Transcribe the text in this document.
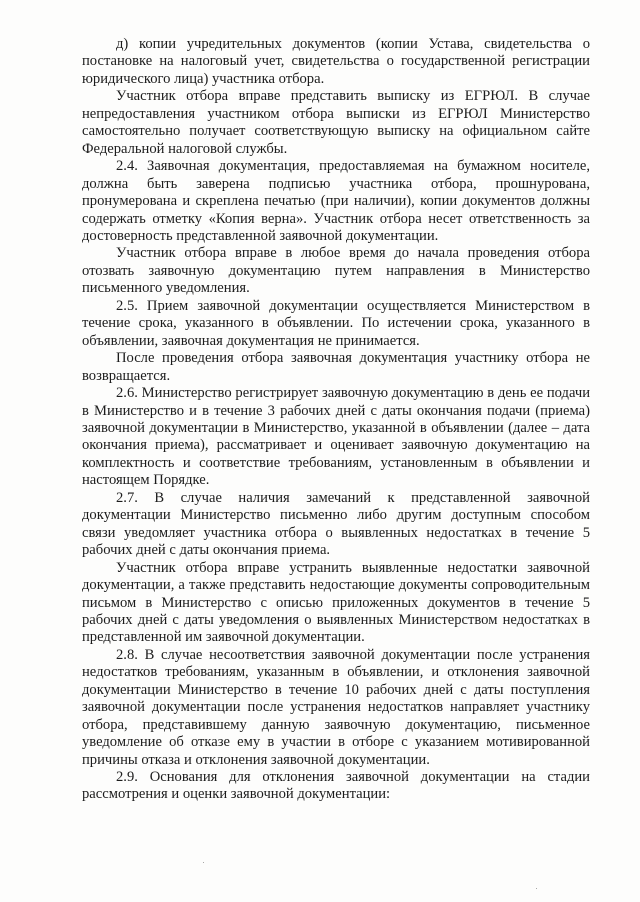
д) копии учредительных документов (копии Устава, свидетельства о постановке на налоговый учет, свидетельства о государственной регистрации юридического лица) участника отбора.

Участник отбора вправе представить выписку из ЕГРЮЛ. В случае непредоставления участником отбора выписки из ЕГРЮЛ Министерство самостоятельно получает соответствующую выписку на официальном сайте Федеральной налоговой службы.

2.4. Заявочная документация, предоставляемая на бумажном носителе, должна быть заверена подписью участника отбора, прошнурована, пронумерована и скреплена печатью (при наличии), копии документов должны содержать отметку «Копия верна». Участник отбора несет ответственность за достоверность представленной заявочной документации.

Участник отбора вправе в любое время до начала проведения отбора отозвать заявочную документацию путем направления в Министерство письменного уведомления.

2.5. Прием заявочной документации осуществляется Министерством в течение срока, указанного в объявлении. По истечении срока, указанного в объявлении, заявочная документация не принимается.

После проведения отбора заявочная документация участнику отбора не возвращается.

2.6. Министерство регистрирует заявочную документацию в день ее подачи в Министерство и в течение 3 рабочих дней с даты окончания подачи (приема) заявочной документации в Министерство, указанной в объявлении (далее – дата окончания приема), рассматривает и оценивает заявочную документацию на комплектность и соответствие требованиям, установленным в объявлении и настоящем Порядке.

2.7. В случае наличия замечаний к представленной заявочной документации Министерство письменно либо другим доступным способом связи уведомляет участника отбора о выявленных недостатках в течение 5 рабочих дней с даты окончания приема.

Участник отбора вправе устранить выявленные недостатки заявочной документации, а также представить недостающие документы сопроводительным письмом в Министерство с описью приложенных документов в течение 5 рабочих дней с даты уведомления о выявленных Министерством недостатках в представленной им заявочной документации.

2.8. В случае несоответствия заявочной документации после устранения недостатков требованиям, указанным в объявлении, и отклонения заявочной документации Министерство в течение 10 рабочих дней с даты поступления заявочной документации после устранения недостатков направляет участнику отбора, представившему данную заявочную документацию, письменное уведомление об отказе ему в участии в отборе с указанием мотивированной причины отказа и отклонения заявочной документации.

2.9. Основания для отклонения заявочной документации на стадии рассмотрения и оценки заявочной документации:
